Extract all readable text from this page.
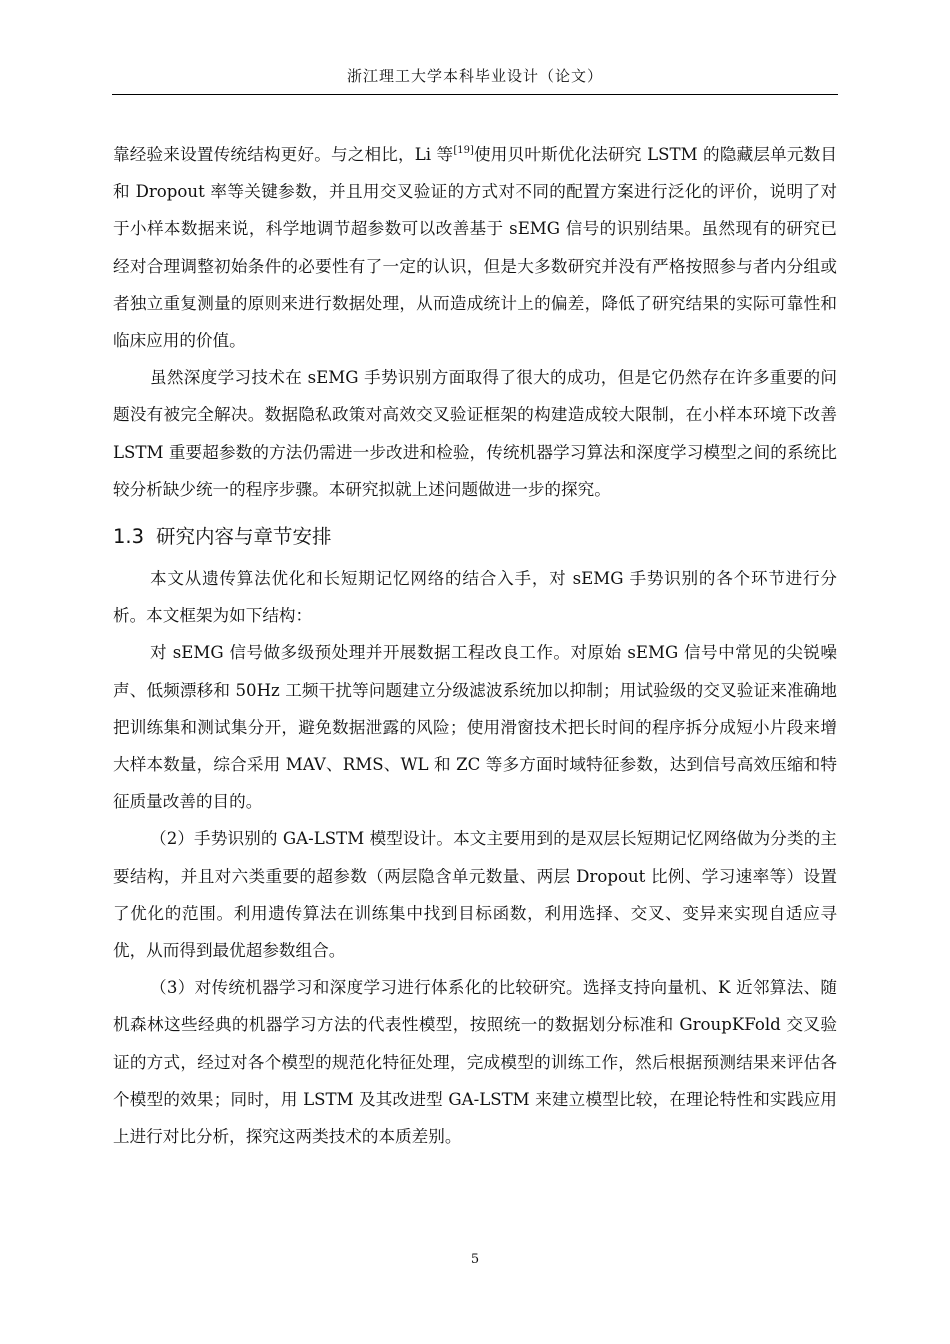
浙江理工大学本科毕业设计（论文）

靠经验来设置传统结构更好。与之相比，Li 等[19]使用贝叶斯优化法研究 LSTM 的隐藏层单元数目和 Dropout 率等关键参数，并且用交叉验证的方式对不同的配置方案进行泛化的评价，说明了对于小样本数据来说，科学地调节超参数可以改善基于 sEMG 信号的识别结果。虽然现有的研究已经对合理调整初始条件的必要性有了一定的认识，但是大多数研究并没有严格按照参与者内分组或者独立重复测量的原则来进行数据处理，从而造成统计上的偏差，降低了研究结果的实际可靠性和临床应用的价值。

虽然深度学习技术在 sEMG 手势识别方面取得了很大的成功，但是它仍然存在许多重要的问题没有被完全解决。数据隐私政策对高效交叉验证框架的构建造成较大限制，在小样本环境下改善 LSTM 重要超参数的方法仍需进一步改进和检验，传统机器学习算法和深度学习模型之间的系统比较分析缺少统一的程序步骤。本研究拟就上述问题做进一步的探究。

1.3 研究内容与章节安排

本文从遗传算法优化和长短期记忆网络的结合入手，对 sEMG 手势识别的各个环节进行分析。本文框架为如下结构：

对 sEMG 信号做多级预处理并开展数据工程改良工作。对原始 sEMG 信号中常见的尖锐噪声、低频漂移和 50Hz 工频干扰等问题建立分级滤波系统加以抑制；用试验级的交叉验证来准确地把训练集和测试集分开，避免数据泄露的风险；使用滑窗技术把长时间的程序拆分成短小片段来增大样本数量，综合采用 MAV、RMS、WL 和 ZC 等多方面时域特征参数，达到信号高效压缩和特征质量改善的目的。

（2）手势识别的 GA-LSTM 模型设计。本文主要用到的是双层长短期记忆网络做为分类的主要结构，并且对六类重要的超参数（两层隐含单元数量、两层 Dropout 比例、学习速率等）设置了优化的范围。利用遗传算法在训练集中找到目标函数，利用选择、交叉、变异来实现自适应寻优，从而得到最优超参数组合。

（3）对传统机器学习和深度学习进行体系化的比较研究。选择支持向量机、K 近邻算法、随机森林这些经典的机器学习方法的代表性模型，按照统一的数据划分标准和 GroupKFold 交叉验证的方式，经过对各个模型的规范化特征处理，完成模型的训练工作，然后根据预测结果来评估各个模型的效果；同时，用 LSTM 及其改进型 GA-LSTM 来建立模型比较，在理论特性和实践应用上进行对比分析，探究这两类技术的本质差别。

5
